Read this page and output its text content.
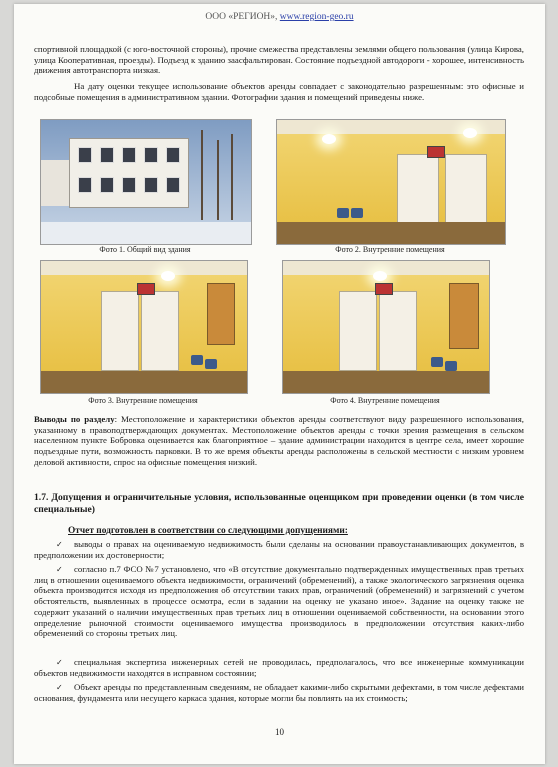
ООО «РЕГИОН», www.region-geo.ru
спортивной площадкой (с юго-восточной стороны), прочие смежества представлены землями общего пользования (улица Кирова, улица Кооперативная, проезды). Подъезд к зданию заасфальтирован. Состояние подъездной автодороги - хорошее, интенсивность движения автотранспорта низкая.
На дату оценки текущее использование объектов аренды совпадает с законодательно разрешенным: это офисные и подсобные помещения в административном здании. Фотографии здания и помещений приведены ниже.
Фото 1. Общий вид здания	Фото 2. Внутренние помещения
Фото 3. Внутренние помещения	Фото 4. Внутренние помещения
Выводы по разделу: Местоположение и характеристики объектов аренды соответствуют виду разрешенного использования, указанному в правоподтверждающих документах. Местоположение объектов аренды с точки зрения размещения в сельском населенном пункте Бобровка оценивается как благоприятное – здание администрации находится в центре села, имеет хорошие подъездные пути, возможность парковки. В то же время объекты аренды расположены в сельской местности с низким уровнем деловой активности, спрос на офисные помещения низкий.
1.7. Допущения и ограничительные условия, использованные оценщиком при проведении оценки (в том числе специальные)
Отчет подготовлен в соответствии со следующими допущениями:
✓ выводы о правах на оцениваемую недвижимость были сделаны на основании правоустанавливающих документов, в предположении их достоверности;
✓ согласно п.7 ФСО №7 установлено, что «В отсутствие документально подтвержденных имущественных прав третьих лиц в отношении оцениваемого объекта недвижимости, ограничений (обременений), а также экологического загрязнения оценка объекта производится исходя из предположения об отсутствии таких прав, ограничений (обременений) и загрязнений с учетом обстоятельств, выявленных в процессе осмотра, если в задании на оценку не указано иное». Задание на оценку также не содержит указаний о наличии имущественных прав третьих лиц в отношении оцениваемой собственности, на основании этого определение рыночной стоимости оцениваемого имущества производилось в предположении отсутствия каких-либо обременений со стороны третьих лиц.
✓ специальная экспертиза инженерных сетей не проводилась, предполагалось, что все инженерные коммуникации объектов недвижимости находятся в исправном состоянии;
✓ Объект аренды по представленным сведениям, не обладает какими-либо скрытыми дефектами, в том числе дефектами основания, фундамента или несущего каркаса здания, которые могли бы повлиять на их стоимость;
10
